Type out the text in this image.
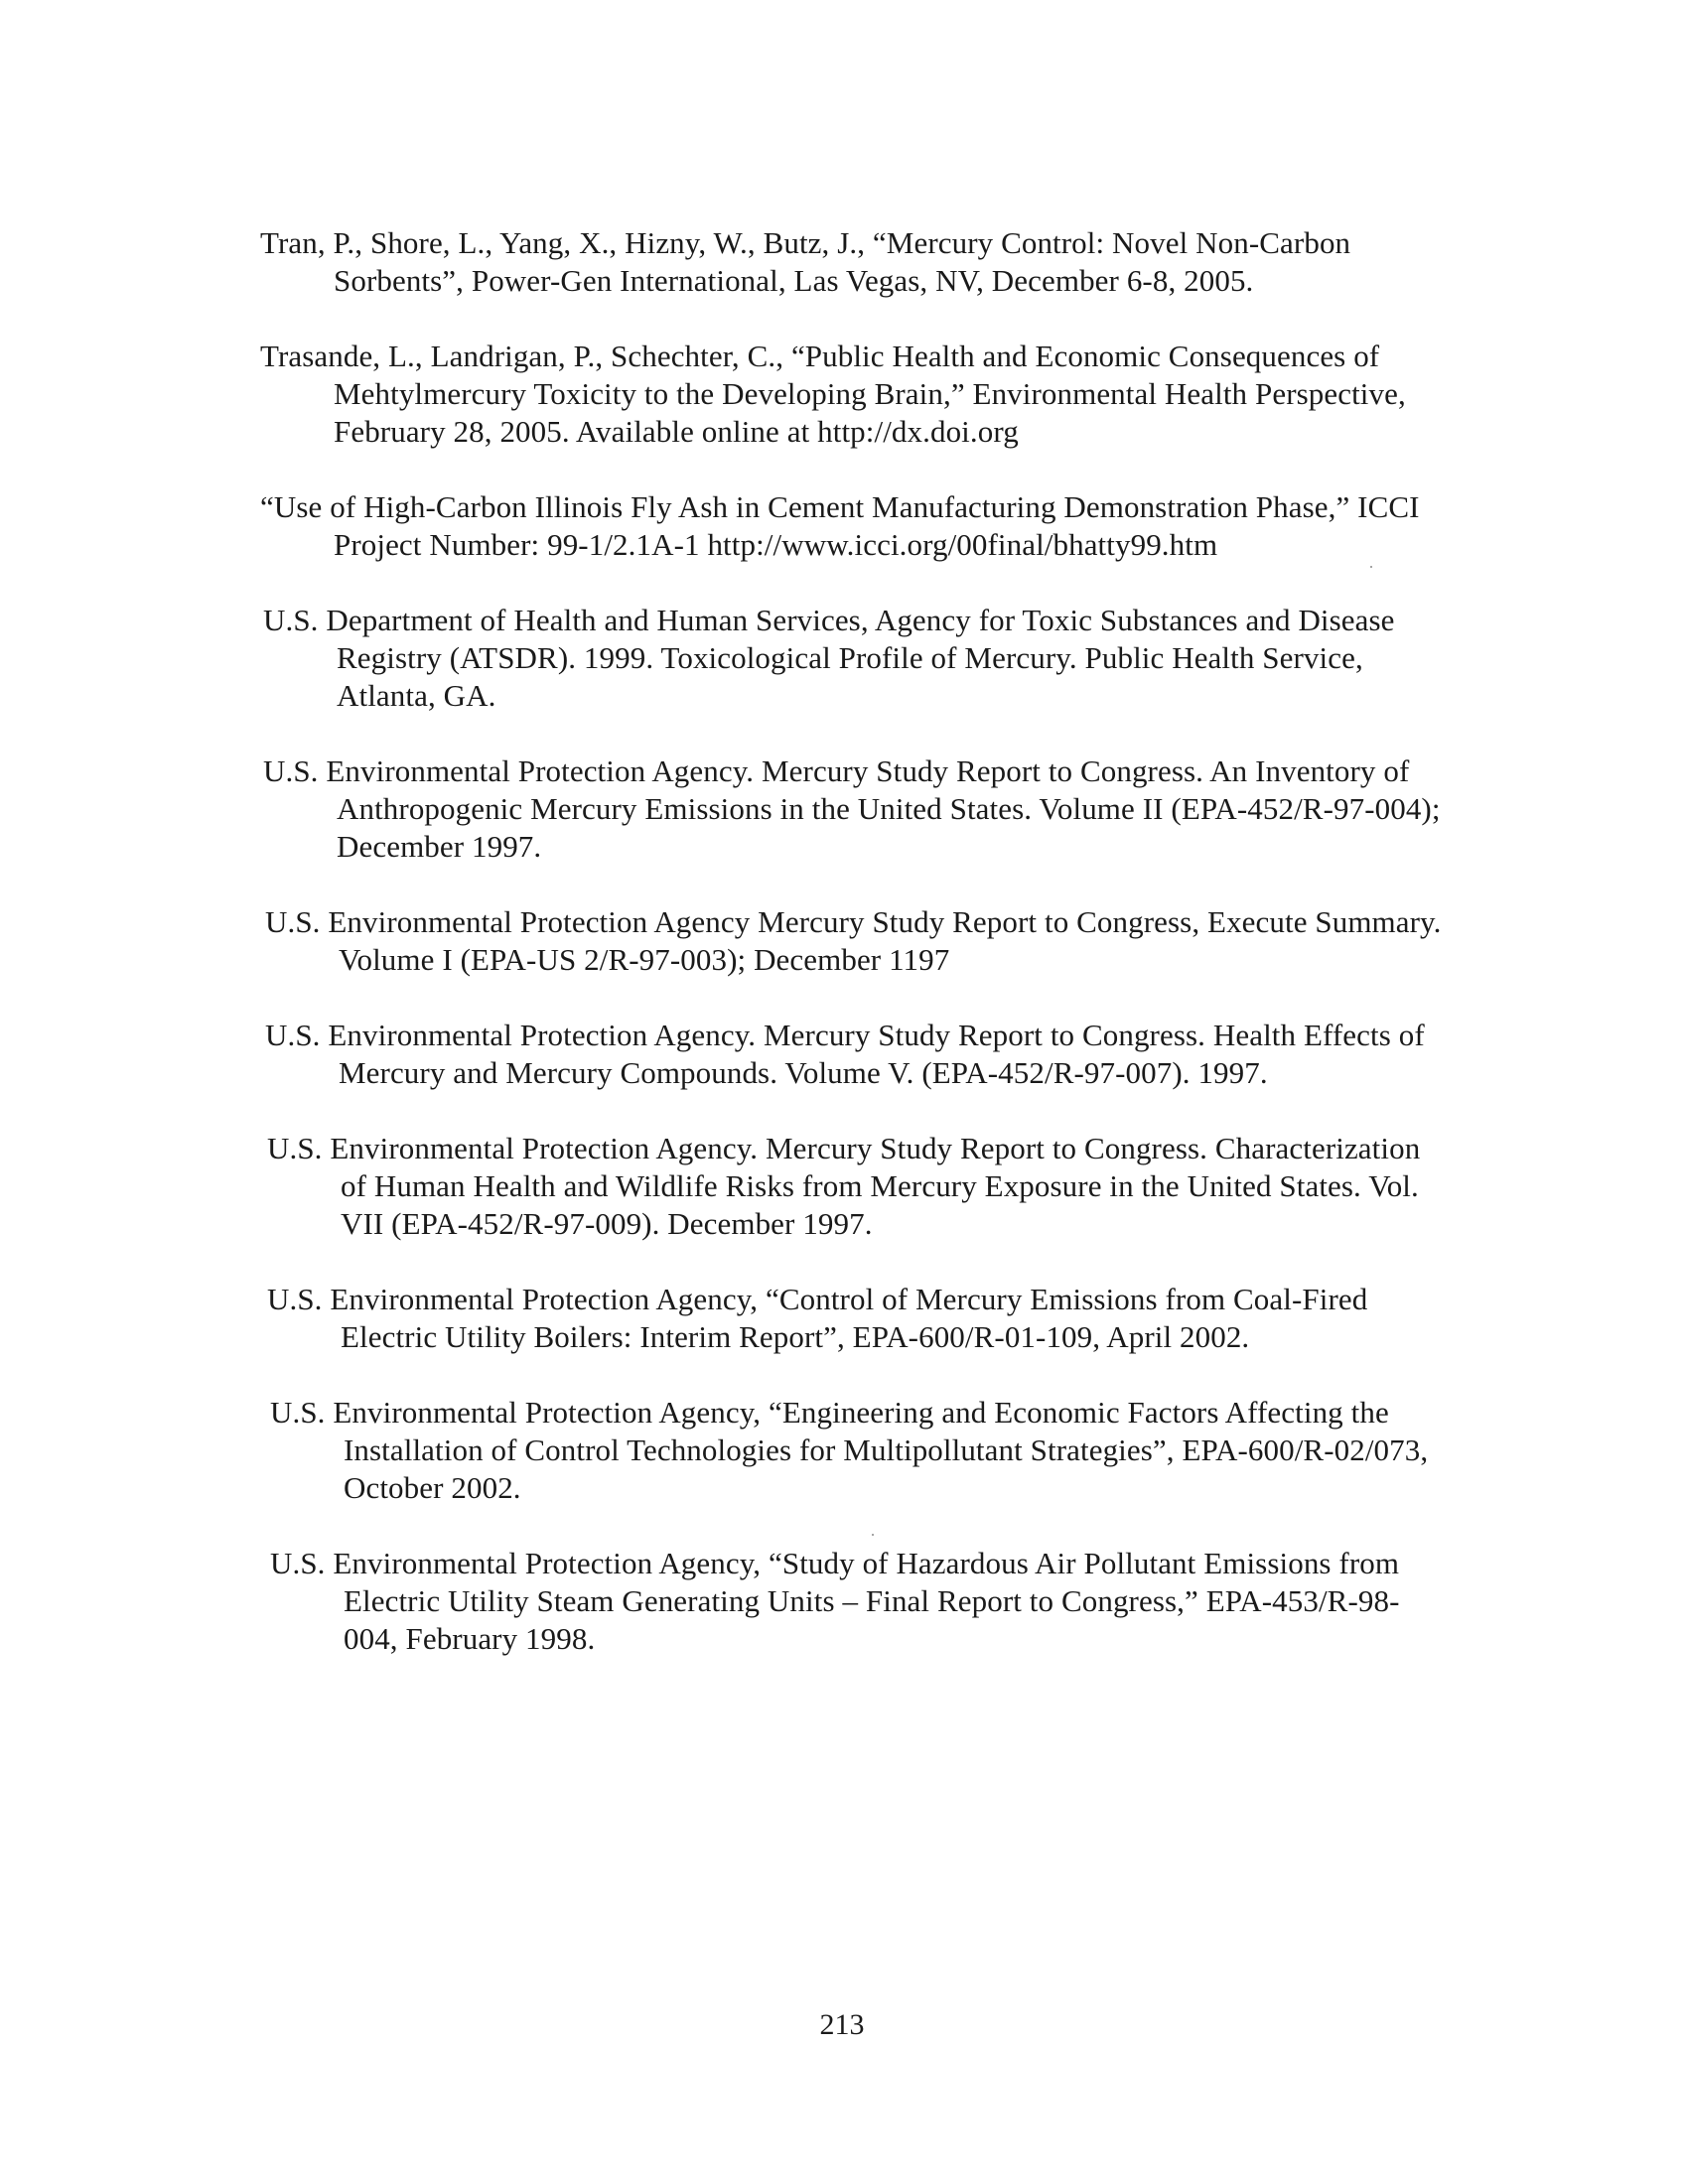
Tran, P., Shore, L., Yang, X., Hizny, W., Butz, J., “Mercury Control: Novel Non-Carbon Sorbents”, Power-Gen International, Las Vegas, NV, December 6-8, 2005.
Trasande, L., Landrigan, P., Schechter, C., “Public Health and Economic Consequences of Mehtylmercury Toxicity to the Developing Brain,” Environmental Health Perspective, February 28, 2005. Available online at http://dx.doi.org
“Use of High-Carbon Illinois Fly Ash in Cement Manufacturing Demonstration Phase,” ICCI Project Number: 99-1/2.1A-1 http://www.icci.org/00final/bhatty99.htm
U.S. Department of Health and Human Services, Agency for Toxic Substances and Disease Registry (ATSDR). 1999. Toxicological Profile of Mercury. Public Health Service, Atlanta, GA.
U.S. Environmental Protection Agency. Mercury Study Report to Congress. An Inventory of Anthropogenic Mercury Emissions in the United States. Volume II (EPA-452/R-97-004); December 1997.
U.S. Environmental Protection Agency Mercury Study Report to Congress, Execute Summary. Volume I (EPA-US 2/R-97-003); December 1197
U.S. Environmental Protection Agency. Mercury Study Report to Congress. Health Effects of Mercury and Mercury Compounds. Volume V. (EPA-452/R-97-007). 1997.
U.S. Environmental Protection Agency. Mercury Study Report to Congress. Characterization of Human Health and Wildlife Risks from Mercury Exposure in the United States. Vol. VII (EPA-452/R-97-009). December 1997.
U.S. Environmental Protection Agency, “Control of Mercury Emissions from Coal-Fired Electric Utility Boilers: Interim Report”, EPA-600/R-01-109, April 2002.
U.S. Environmental Protection Agency, “Engineering and Economic Factors Affecting the Installation of Control Technologies for Multipollutant Strategies”, EPA-600/R-02/073, October 2002.
U.S. Environmental Protection Agency, “Study of Hazardous Air Pollutant Emissions from Electric Utility Steam Generating Units – Final Report to Congress,” EPA-453/R-98-004, February 1998.
213
